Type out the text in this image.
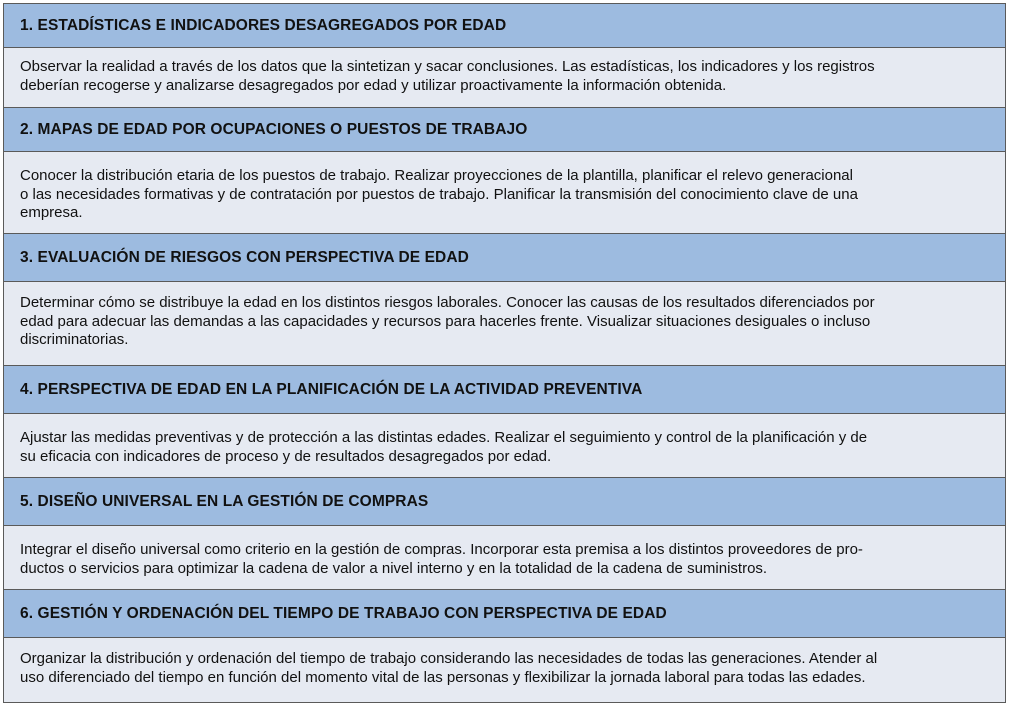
1. ESTADÍSTICAS E INDICADORES DESAGREGADOS POR EDAD
Observar la realidad a través de los datos que la sintetizan y sacar conclusiones. Las estadísticas, los indicadores y los registros
deberían recogerse y analizarse desagregados por edad y utilizar proactivamente la información obtenida.
2. MAPAS DE EDAD POR OCUPACIONES O PUESTOS DE TRABAJO
Conocer la distribución etaria de los puestos de trabajo. Realizar proyecciones de la plantilla, planificar el relevo generacional
o las necesidades formativas y de contratación por puestos de trabajo. Planificar la transmisión del conocimiento clave de una
empresa.
3. EVALUACIÓN DE RIESGOS CON PERSPECTIVA DE EDAD
Determinar cómo se distribuye la edad en los distintos riesgos laborales. Conocer las causas de los resultados diferenciados por
edad para adecuar las demandas a las capacidades y recursos para hacerles frente. Visualizar situaciones desiguales o incluso
discriminatorias.
4. PERSPECTIVA DE EDAD EN LA PLANIFICACIÓN DE LA ACTIVIDAD PREVENTIVA
Ajustar las medidas preventivas y de protección a las distintas edades. Realizar el seguimiento y control de la planificación y de
su eficacia con indicadores de proceso y de resultados desagregados por edad.
5. DISEÑO UNIVERSAL EN LA GESTIÓN DE COMPRAS
Integrar el diseño universal como criterio en la gestión de compras. Incorporar esta premisa a los distintos proveedores de pro-
ductos o servicios para optimizar la cadena de valor a nivel interno y en la totalidad de la cadena de suministros.
6. GESTIÓN Y ORDENACIÓN DEL TIEMPO DE TRABAJO CON PERSPECTIVA DE EDAD
Organizar la distribución y ordenación del tiempo de trabajo considerando las necesidades de todas las generaciones. Atender al
uso diferenciado del tiempo en función del momento vital de las personas y flexibilizar la jornada laboral para todas las edades.
